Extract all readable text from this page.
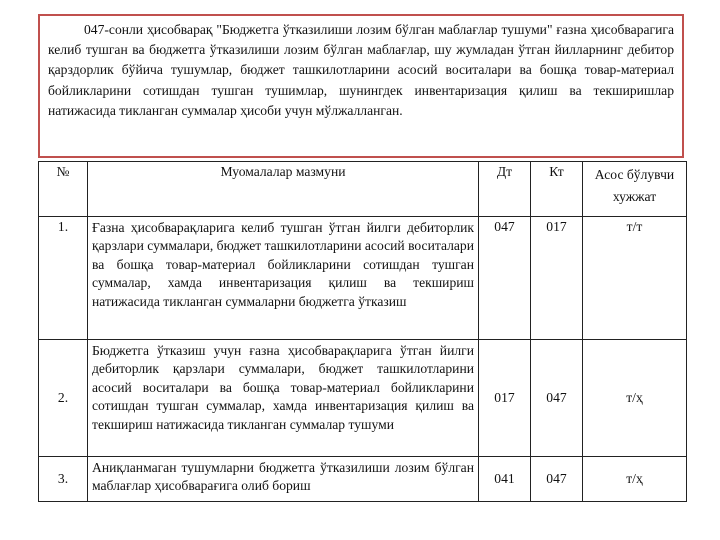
047-сонли ҳисобварақ "Бюджетга ўтказилиши лозим бўлган маблағлар тушуми" ғазна ҳисобварагига келиб тушган ва бюджетга ўтказилиши лозим бўлган маблағлар, шу жумладан ўтган йилларнинг дебитор қарздорлик бўйича тушумлар, бюджет ташкилотларини асосий воситалари ва бошқа товар-материал бойликларини сотишдан тушган тушимлар, шунингдек инвентаризация қилиш ва текширишлар натижасида тикланган суммалар ҳисоби учун мўлжалланган.

№	Муомалалар мазмуни	Дт	Кт	Асос бўлувчи хужжат
1.	Ғазна ҳисобварақларига келиб тушган ўтган йилги дебиторлик қарзлари суммалари, бюджет ташкилотларини асосий воситалари ва бошқа товар-материал бойликларини сотишдан тушган суммалар, хамда инвентаризация қилиш ва текшириш натижасида тикланган суммаларни бюджетга ўтказиш	047	017	т/т
2.	Бюджетга ўтказиш учун ғазна ҳисобварақларига ўтган йилги дебиторлик қарзлари суммалари, бюджет ташкилотларини асосий воситалари ва бошқа товар-материал бойликларини сотишдан тушган суммалар, хамда инвентаризация қилиш ва текшириш натижасида тикланган суммалар тушуми	017	047	т/ҳ
3.	Аниқланмаган тушумларни бюджетга ўтказилиши лозим бўлган маблағлар ҳисобварағига олиб бориш	041	047	т/ҳ
